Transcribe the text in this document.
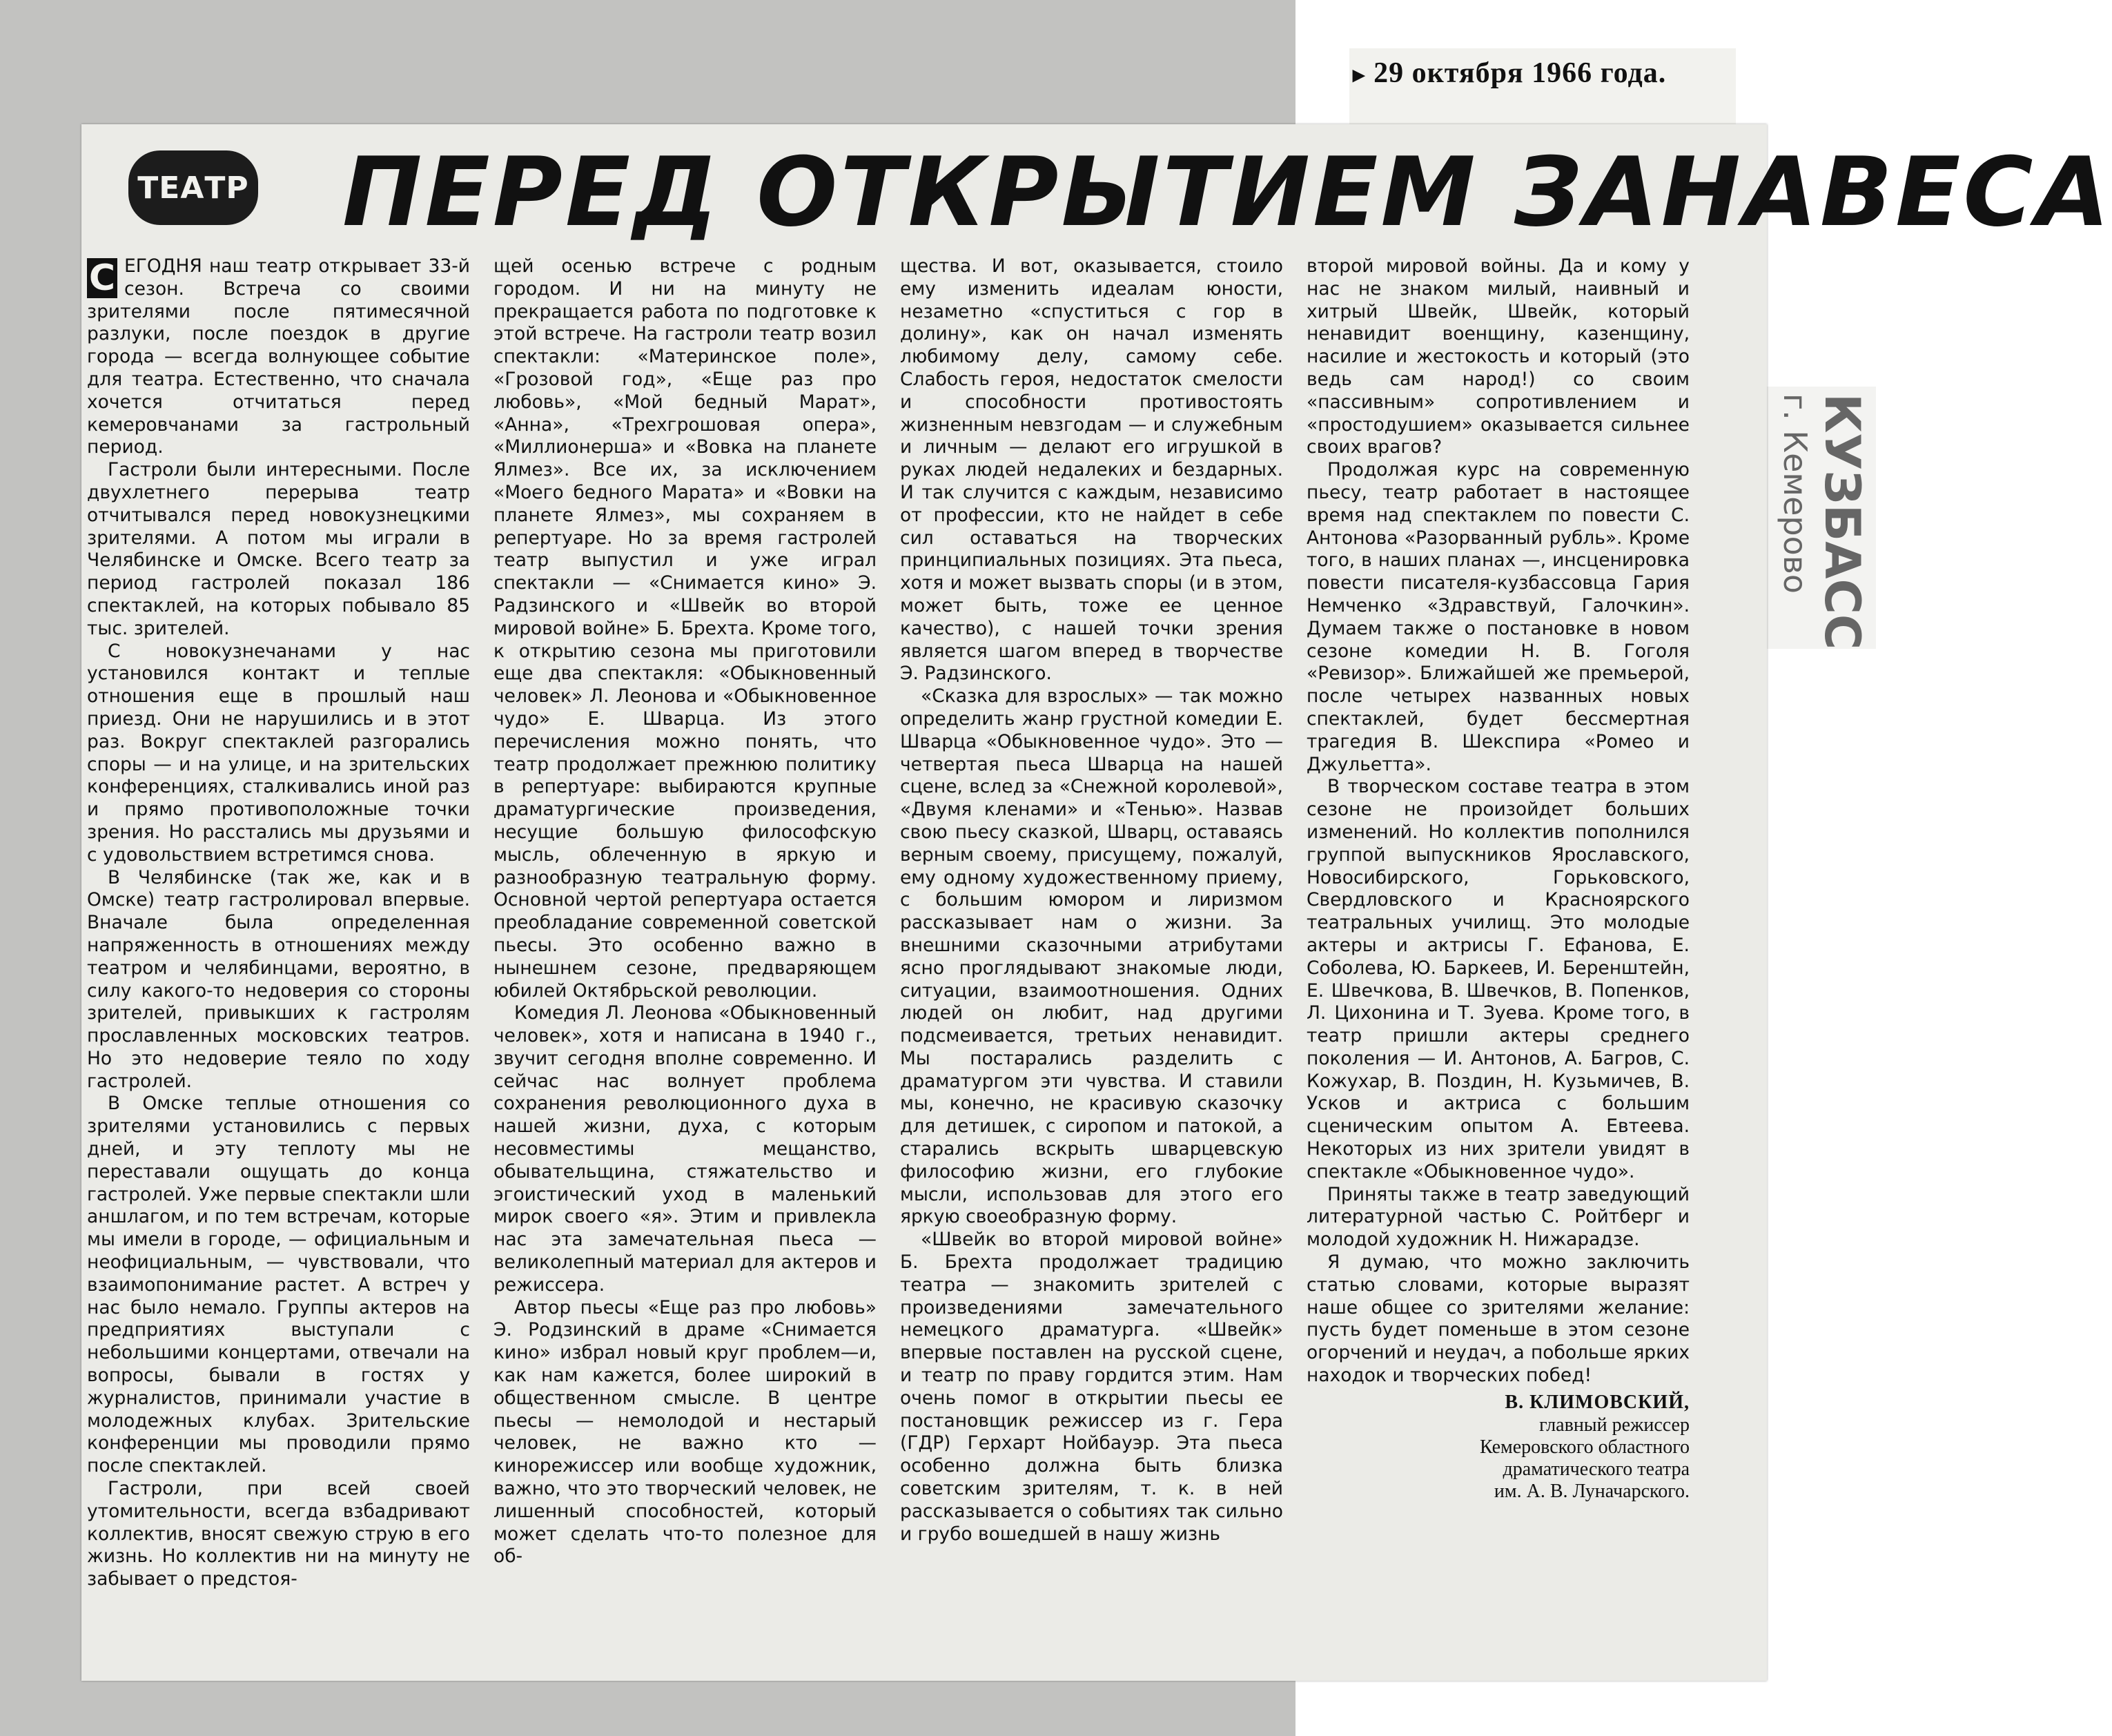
▸ 29 октября 1966 года.
КУЗБАСС
г. Кемерово
ТЕАТР ПЕРЕД ОТКРЫТИЕМ ЗАНАВЕСА

С ЕГОДНЯ наш театр открывает 33-й сезон. Встреча со своими зрителями после пятимесячной разлуки, после поездок в другие города — всегда волнующее событие для театра. Естественно, что сначала хочется отчитаться перед кемеровчанами за гастрольный период.

Гастроли были интересными. После двухлетнего перерыва театр отчитывался перед новокузнецкими зрителями. А потом мы играли в Челябинске и Омске. Всего театр за период гастролей показал 186 спектаклей, на которых побывало 85 тыс. зрителей.

С новокузнечанами у нас установился контакт и теплые отношения еще в прошлый наш приезд. Они не нарушились и в этот раз. Вокруг спектаклей разгорались споры — и на улице, и на зрительских конференциях, сталкивались иной раз и прямо противоположные точки зрения. Но расстались мы друзьями и с удовольствием встретимся снова.

В Челябинске (так же, как и в Омске) театр гастролировал впервые. Вначале была определенная напряженность в отношениях между театром и челябинцами, вероятно, в силу какого-то недоверия со стороны зрителей, привыкших к гастролям прославленных московских театров. Но это недоверие теяло по ходу гастролей.

В Омске теплые отношения со зрителями установились с первых дней, и эту теплоту мы не переставали ощущать до конца гастролей. Уже первые спектакли шли аншлагом, и по тем встречам, которые мы имели в городе, — официальным и неофициальным, — чувствовали, что взаимопонимание растет. А встреч у нас было немало. Группы актеров на предприятиях выступали с небольшими концертами, отвечали на вопросы, бывали в гостях у журналистов, принимали участие в молодежных клубах. Зрительские конференции мы проводили прямо после спектаклей.

Гастроли, при всей своей утомительности, всегда взбадривают коллектив, вносят свежую струю в его жизнь. Но коллектив ни на минуту не забывает о предстоя-

щей осенью встрече с родным городом. И ни на минуту не прекращается работа по подготовке к этой встрече. На гастроли театр возил спектакли: «Материнское поле», «Грозовой год», «Еще раз про любовь», «Мой бедный Марат», «Анна», «Трехгрошовая опера», «Миллионерша» и «Вовка на планете Ялмез». Все их, за исключением «Моего бедного Марата» и «Вовки на планете Ялмез», мы сохраняем в репертуаре. Но за время гастролей театр выпустил и уже играл спектакли — «Снимается кино» Э. Радзинского и «Швейк во второй мировой войне» Б. Брехта. Кроме того, к открытию сезона мы приготовили еще два спектакля: «Обыкновенный человек» Л. Леонова и «Обыкновенное чудо» Е. Шварца. Из этого перечисления можно понять, что театр продолжает прежнюю политику в репертуаре: выбираются крупные драматургические произведения, несущие большую философскую мысль, облеченную в яркую и разнообразную театральную форму. Основной чертой репертуара остается преобладание современной советской пьесы. Это особенно важно в нынешнем сезоне, предваряющем юбилей Октябрьской революции.

Комедия Л. Леонова «Обыкновенный человек», хотя и написана в 1940 г., звучит сегодня вполне современно. И сейчас нас волнует проблема сохранения революционного духа в нашей жизни, духа, с которым несовместимы мещанство, обывательщина, стяжательство и эгоистический уход в маленький мирок своего «я». Этим и привлекла нас эта замечательная пьеса — великолепный материал для актеров и режиссера.

Автор пьесы «Еще раз про любовь» Э. Родзинский в драме «Снимается кино» избрал новый круг проблем—и, как нам кажется, более широкий в общественном смысле. В центре пьесы — немолодой и нестарый человек, не важно кто — кинорежиссер или вообще художник, важно, что это творческий человек, не лишенный способностей, который может сделать что-то полезное для об-

щества. И вот, оказывается, стоило ему изменить идеалам юности, незаметно «спуститься с гор в долину», как он начал изменять любимому делу, самому себе. Слабость героя, недостаток смелости и способности противостоять жизненным невзгодам — и служебным и личным — делают его игрушкой в руках людей недалеких и бездарных. И так случится с каждым, независимо от профессии, кто не найдет в себе сил оставаться на творческих принципиальных позициях. Эта пьеса, хотя и может вызвать споры (и в этом, может быть, тоже ее ценное качество), с нашей точки зрения является шагом вперед в творчестве Э. Радзинского.

«Сказка для взрослых» — так можно определить жанр грустной комедии Е. Шварца «Обыкновенное чудо». Это — четвертая пьеса Шварца на нашей сцене, вслед за «Снежной королевой», «Двумя кленами» и «Тенью». Назвав свою пьесу сказкой, Шварц, оставаясь верным своему, присущему, пожалуй, ему одному художественному приему, с большим юмором и лиризмом рассказывает нам о жизни. За внешними сказочными атрибутами ясно проглядывают знакомые люди, ситуации, взаимоотношения. Одних людей он любит, над другими подсмеивается, третьих ненавидит. Мы постарались разделить с драматургом эти чувства. И ставили мы, конечно, не красивую сказочку для детишек, с сиропом и патокой, а старались вскрыть шварцевскую философию жизни, его глубокие мысли, использовав для этого его яркую своеобразную форму.

«Швейк во второй мировой войне» Б. Брехта продолжает традицию театра — знакомить зрителей с произведениями замечательного немецкого драматурга. «Швейк» впервые поставлен на русской сцене, и театр по праву гордится этим. Нам очень помог в открытии пьесы ее постановщик режиссер из г. Гера (ГДР) Герхарт Нойбауэр. Эта пьеса особенно должна быть близка советским зрителям, т. к. в ней рассказывается о событиях так сильно и грубо вошедшей в нашу жизнь

второй мировой войны. Да и кому у нас не знаком милый, наивный и хитрый Швейк, Швейк, который ненавидит военщину, казенщину, насилие и жестокость и который (это ведь сам народ!) со своим «пассивным» сопротивлением и «простодушием» оказывается сильнее своих врагов?

Продолжая курс на современную пьесу, театр работает в настоящее время над спектаклем по повести С. Антонова «Разорванный рубль». Кроме того, в наших планах —, инсценировка повести писателя-кузбассовца Гария Немченко «Здравствуй, Галочкин». Думаем также о постановке в новом сезоне комедии Н. В. Гоголя «Ревизор». Ближайшей же премьерой, после четырех названных новых спектаклей, будет бессмертная трагедия В. Шекспира «Ромео и Джульетта».

В творческом составе театра в этом сезоне не произойдет больших изменений. Но коллектив пополнился группой выпускников Ярославского, Новосибирского, Горьковского, Свердловского и Красноярского театральных училищ. Это молодые актеры и актрисы Г. Ефанова, Е. Соболева, Ю. Баркеев, И. Беренштейн, Е. Швечкова, В. Швечков, В. Попенков, Л. Цихонина и Т. Зуева. Кроме того, в театр пришли актеры среднего поколения — И. Антонов, А. Багров, С. Кожухар, В. Поздин, Н. Кузьмичев, В. Усков и актриса с большим сценическим опытом А. Евтеева. Некоторых из них зрители увидят в спектакле «Обыкновенное чудо».

Приняты также в театр заведующий литературной частью С. Ройтберг и молодой художник Н. Нижарадзе.

Я думаю, что можно заключить статью словами, которые выразят наше общее со зрителями желание: пусть будет поменьше в этом сезоне огорчений и неудач, а побольше ярких находок и творческих побед!

В. КЛИМОВСКИЙ,
главный режиссер
Кемеровского областного
драматического театра
им. А. В. Луначарского.
